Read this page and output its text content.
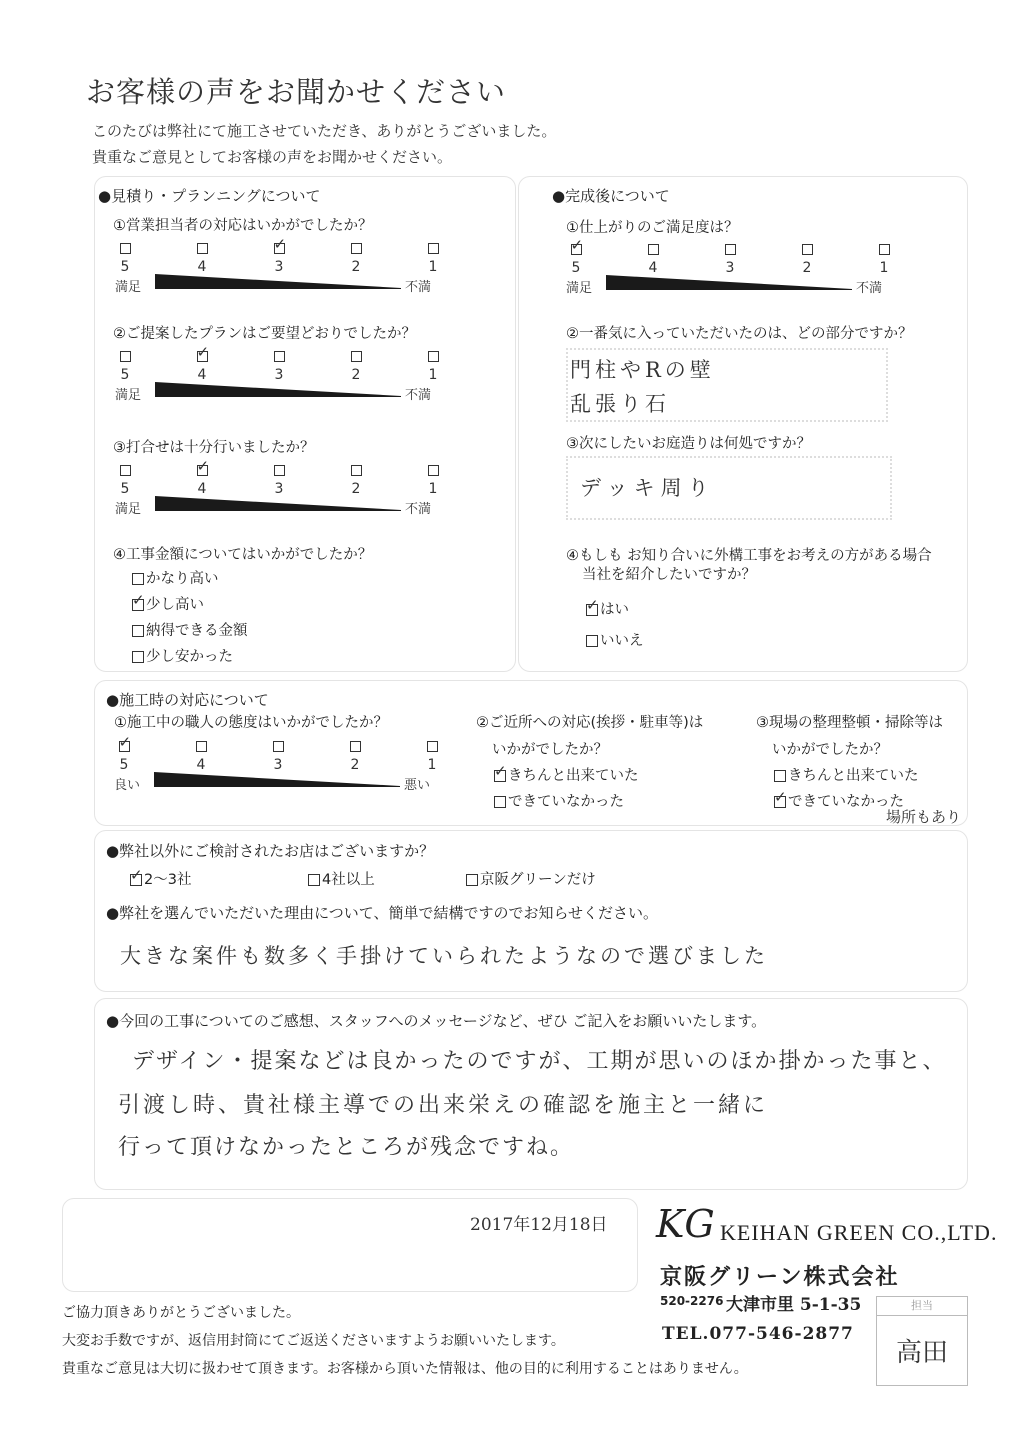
お客様の声をお聞かせください
このたびは弊社にて施工させていただき、ありがとうございました。
貴重なご意見としてお客様の声をお聞かせください。
●見積り・プランニングについて
①営業担当者の対応はいかがでしたか？
5	4
✓	3	2	1
満足	不満
②ご提案したプランはご要望どおりでしたか？
5
✓	4	3	2	1
満足	不満
③打合せは十分行いましたか？
5
✓	4	3	2	1
満足	不満
④工事金額についてはいかがでしたか？
かなり高い
✓少し高い
納得できる金額
少し安かった
●完成後について
①仕上がりのご満足度は？
✓
5	4	3	2	1
満足	不満
②一番気に入っていただいたのは、どの部分ですか？
門柱やRの壁
乱張り石
③次にしたいお庭造りは何処ですか？
デッキ周り
④もしも お知り合いに外構工事をお考えの方がある場合
当社を紹介したいですか？
✓はい
いいえ
●施工時の対応について
①施工中の職人の態度はいかがでしたか？
✓
5	4	3	2	1
良い	悪い
②ご近所への対応(挨拶・駐車等)は
いかがでしたか？
✓きちんと出来ていた
できていなかった
③現場の整理整頓・掃除等は
いかがでしたか？
きちんと出来ていた
✓できていなかった
場所もあり
●弊社以外にご検討されたお店はございますか？
✓2～3社	4社以上	京阪グリーンだけ
●弊社を選んでいただいた理由について、簡単で結構ですのでお知らせください。
大きな案件も数多く手掛けていられたようなので選びました
●今回の工事についてのご感想、スタッフへのメッセージなど、ぜひ ご記入をお願いいたします。
デザイン・提案などは良かったのですが、工期が思いのほか掛かった事と、
引渡し時、貴社様主導での出来栄えの確認を施主と一緒に
行って頂けなかったところが残念ですね。
2017年12月18日 KG KEIHAN GREEN CO.,LTD.
京阪グリーン株式会社
520-2276 大津市里 5-1-35
TEL.077-546-2877
担当
高田
ご協力頂きありがとうございました。
大変お手数ですが、返信用封筒にてご返送くださいますようお願いいたします。
貴重なご意見は大切に扱わせて頂きます。お客様から頂いた情報は、他の目的に利用することはありません。
